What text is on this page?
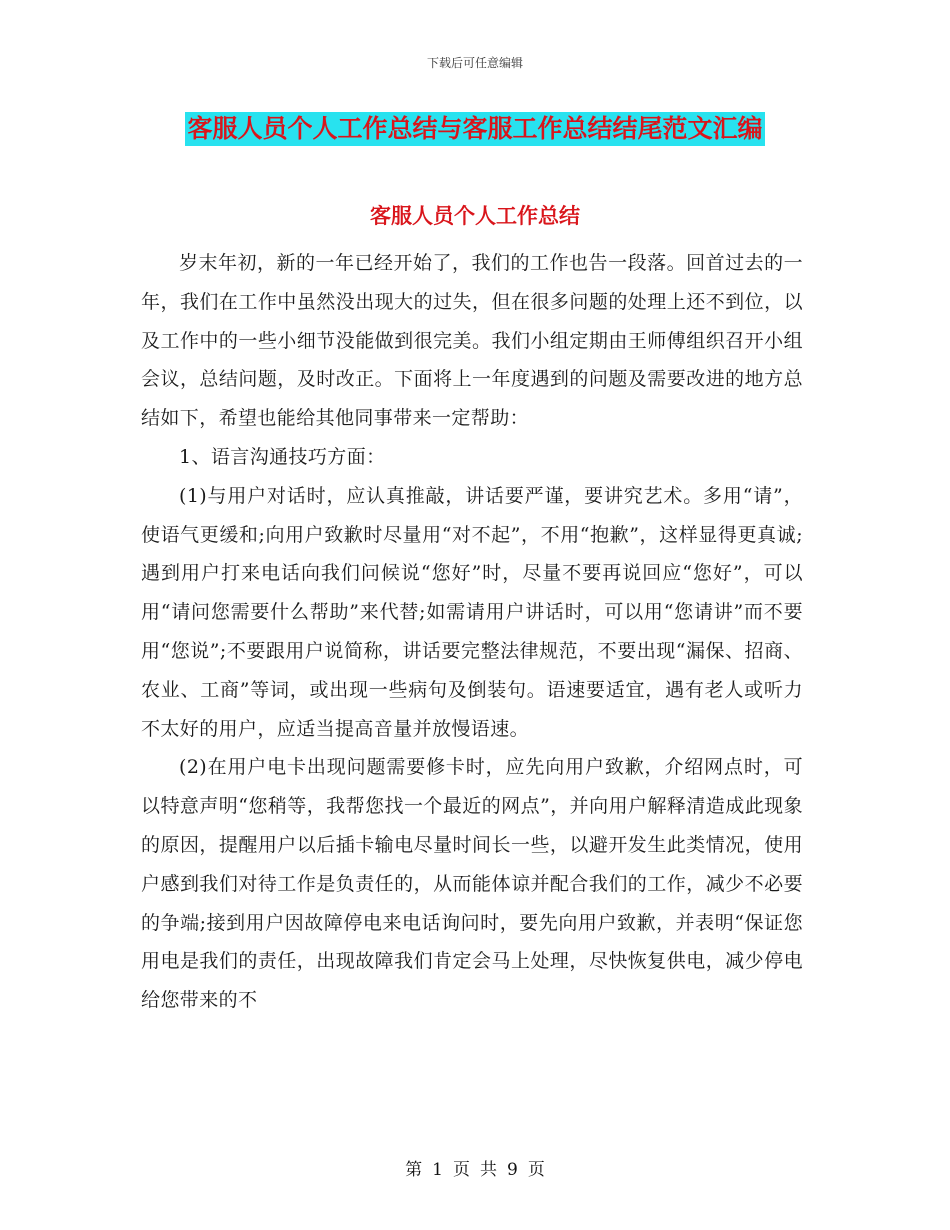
下载后可任意编辑
客服人员个人工作总结与客服工作总结结尾范文汇编
客服人员个人工作总结

岁末年初，新的一年已经开始了，我们的工作也告一段落。回首过去的一年，我们在工作中虽然没出现大的过失，但在很多问题的处理上还不到位，以及工作中的一些小细节没能做到很完美。我们小组定期由王师傅组织召开小组会议，总结问题，及时改正。下面将上一年度遇到的问题及需要改进的地方总结如下，希望也能给其他同事带来一定帮助：

1、语言沟通技巧方面：

(1)与用户对话时，应认真推敲，讲话要严谨，要讲究艺术。多用“请”，使语气更缓和;向用户致歉时尽量用“对不起”，不用“抱歉”，这样显得更真诚;遇到用户打来电话向我们问候说“您好”时，尽量不要再说回应“您好”，可以用“请问您需要什么帮助”来代替;如需请用户讲话时，可以用“您请讲”而不要用“您说”;不要跟用户说简称，讲话要完整法律规范，不要出现“漏保、招商、农业、工商”等词，或出现一些病句及倒装句。语速要适宜，遇有老人或听力不太好的用户，应适当提高音量并放慢语速。

(2)在用户电卡出现问题需要修卡时，应先向用户致歉，介绍网点时，可以特意声明“您稍等，我帮您找一个最近的网点”，并向用户解释清造成此现象的原因，提醒用户以后插卡输电尽量时间长一些，以避开发生此类情况，使用户感到我们对待工作是负责任的，从而能体谅并配合我们的工作，减少不必要的争端;接到用户因故障停电来电话询问时，要先向用户致歉，并表明“保证您用电是我们的责任，出现故障我们肯定会马上处理，尽快恢复供电，减少停电给您带来的不

第 1 页 共 9 页
